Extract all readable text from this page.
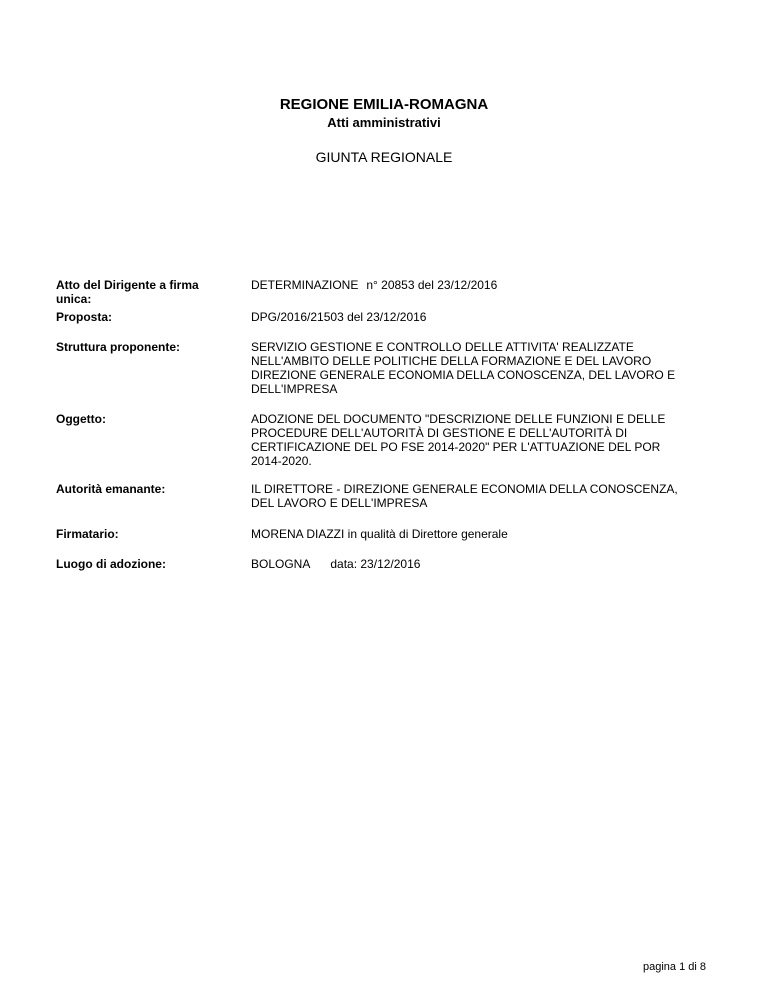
REGIONE EMILIA-ROMAGNA
Atti amministrativi
GIUNTA REGIONALE
Atto del Dirigente a firma unica:
DETERMINAZIONE n° 20853 del 23/12/2016
Proposta:	DPG/2016/21503 del 23/12/2016
Struttura proponente:	SERVIZIO GESTIONE E CONTROLLO DELLE ATTIVITA' REALIZZATE
NELL'AMBITO DELLE POLITICHE DELLA FORMAZIONE E DEL LAVORO
DIREZIONE GENERALE ECONOMIA DELLA CONOSCENZA, DEL LAVORO E
DELL'IMPRESA
Oggetto:	ADOZIONE DEL DOCUMENTO "DESCRIZIONE DELLE FUNZIONI E DELLE
PROCEDURE DELL'AUTORITÀ DI GESTIONE E DELL'AUTORITÀ DI
CERTIFICAZIONE DEL PO FSE 2014-2020" PER L'ATTUAZIONE DEL POR
2014-2020.
Autorità emanante:	IL DIRETTORE - DIREZIONE GENERALE ECONOMIA DELLA CONOSCENZA,
DEL LAVORO E DELL'IMPRESA
Firmatario:	MORENA DIAZZI in qualità di Direttore generale
Luogo di adozione:	BOLOGNA data: 23/12/2016
pagina 1 di 8
